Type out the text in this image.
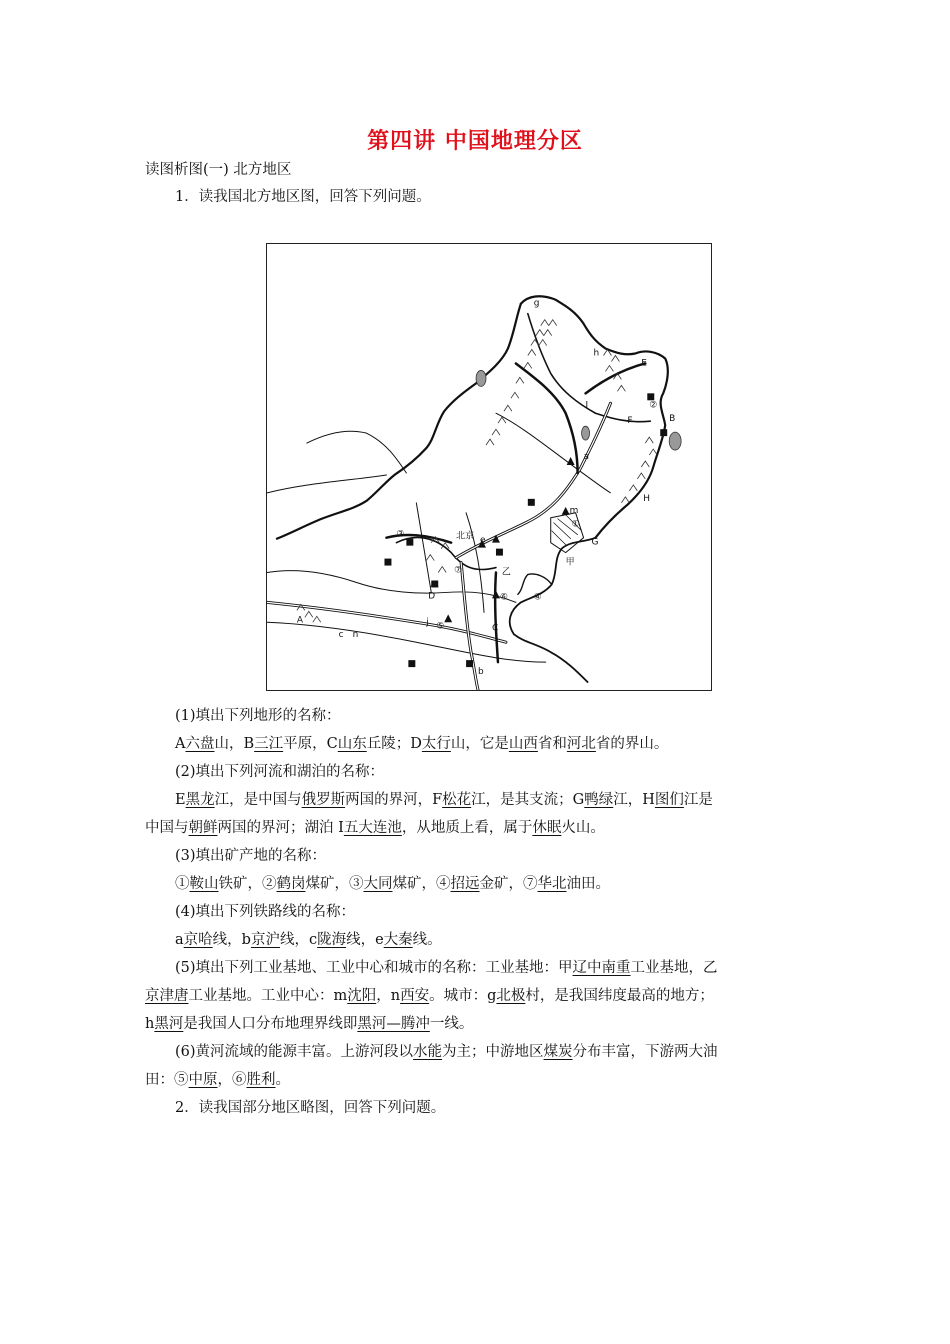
第四讲 中国地理分区
读图析图(一) 北方地区
1．读我国北方地区图，回答下列问题。
E
B
F
I
a
H
G
甲
m
①
②
③
④
⑤
⑥
⑦
北京
乙
A
C
D
c n
b
e
j
g
h
(1)填出下列地形的名称：
A六盘山，B三江平原，C山东丘陵；D太行山，它是山西省和河北省的界山。
(2)填出下列河流和湖泊的名称：
E黑龙江，是中国与俄罗斯两国的界河，F松花江，是其支流；G鸭绿江，H图们江是
中国与朝鲜两国的界河；湖泊 I五大连池，从地质上看，属于休眠火山。
(3)填出矿产地的名称：
①鞍山铁矿，②鹤岗煤矿，③大同煤矿，④招远金矿，⑦华北油田。
(4)填出下列铁路线的名称：
a京哈线，b京沪线，c陇海线，e大秦线。
(5)填出下列工业基地、工业中心和城市的名称：工业基地：甲辽中南重工业基地，乙
京津唐工业基地。工业中心：m沈阳，n西安。城市：g北极村，是我国纬度最高的地方；
h黑河是我国人口分布地理界线即黑河—腾冲一线。
(6)黄河流域的能源丰富。上游河段以水能为主；中游地区煤炭分布丰富，下游两大油
田：⑤中原，⑥胜利。
2．读我国部分地区略图，回答下列问题。
